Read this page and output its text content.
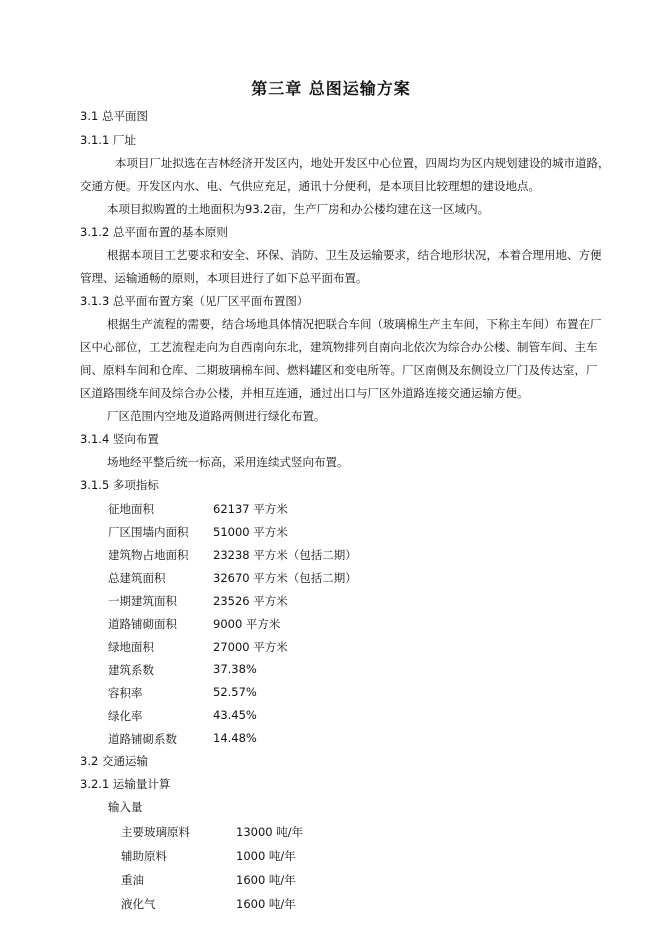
第三章 总图运输方案
3.1 总平面图
3.1.1 厂址
本项目厂址拟选在吉林经济开发区内，地处开发区中心位置，四周均为区内规划建设的城市道路，
交通方便。开发区内水、电、气供应充足，通讯十分便利，是本项目比较理想的建设地点。
本项目拟购置的土地面积为93.2亩，生产厂房和办公楼均建在这一区域内。
3.1.2 总平面布置的基本原则
根据本项目工艺要求和安全、环保、消防、卫生及运输要求，结合地形状况，本着合理用地、方便
管理、运输通畅的原则，本项目进行了如下总平面布置。
3.1.3 总平面布置方案（见厂区平面布置图）
根据生产流程的需要，结合场地具体情况把联合车间（玻璃棉生产主车间，下称主车间）布置在厂
区中心部位，工艺流程走向为自西南向东北，建筑物排列自南向北依次为综合办公楼、制管车间、主车
间、原料车间和仓库、二期玻璃棉车间、燃料罐区和变电所等。厂区南侧及东侧设立厂门及传达室，厂
区道路围绕车间及综合办公楼，并相互连通，通过出口与厂区外道路连接交通运输方便。
厂区范围内空地及道路两侧进行绿化布置。
3.1.4 竖向布置
场地经平整后统一标高，采用连续式竖向布置。
3.1.5 多项指标
征地面积	62137 平方米
厂区围墙内面积 51000 平方米
建筑物占地面积 23238 平方米（包括二期）
总建筑面积	32670 平方米（包括二期）
一期建筑面积	23526 平方米
道路铺砌面积	9000 平方米
绿地面积	27000 平方米
建筑系数	37.38%
容积率	52.57%
绿化率	43.45%
道路铺砌系数	14.48%
3.2 交通运输
3.2.1 运输量计算
输入量
主要玻璃原料	13000 吨/年
辅助原料	1000 吨/年
重油	1600 吨/年
液化气	1600 吨/年
